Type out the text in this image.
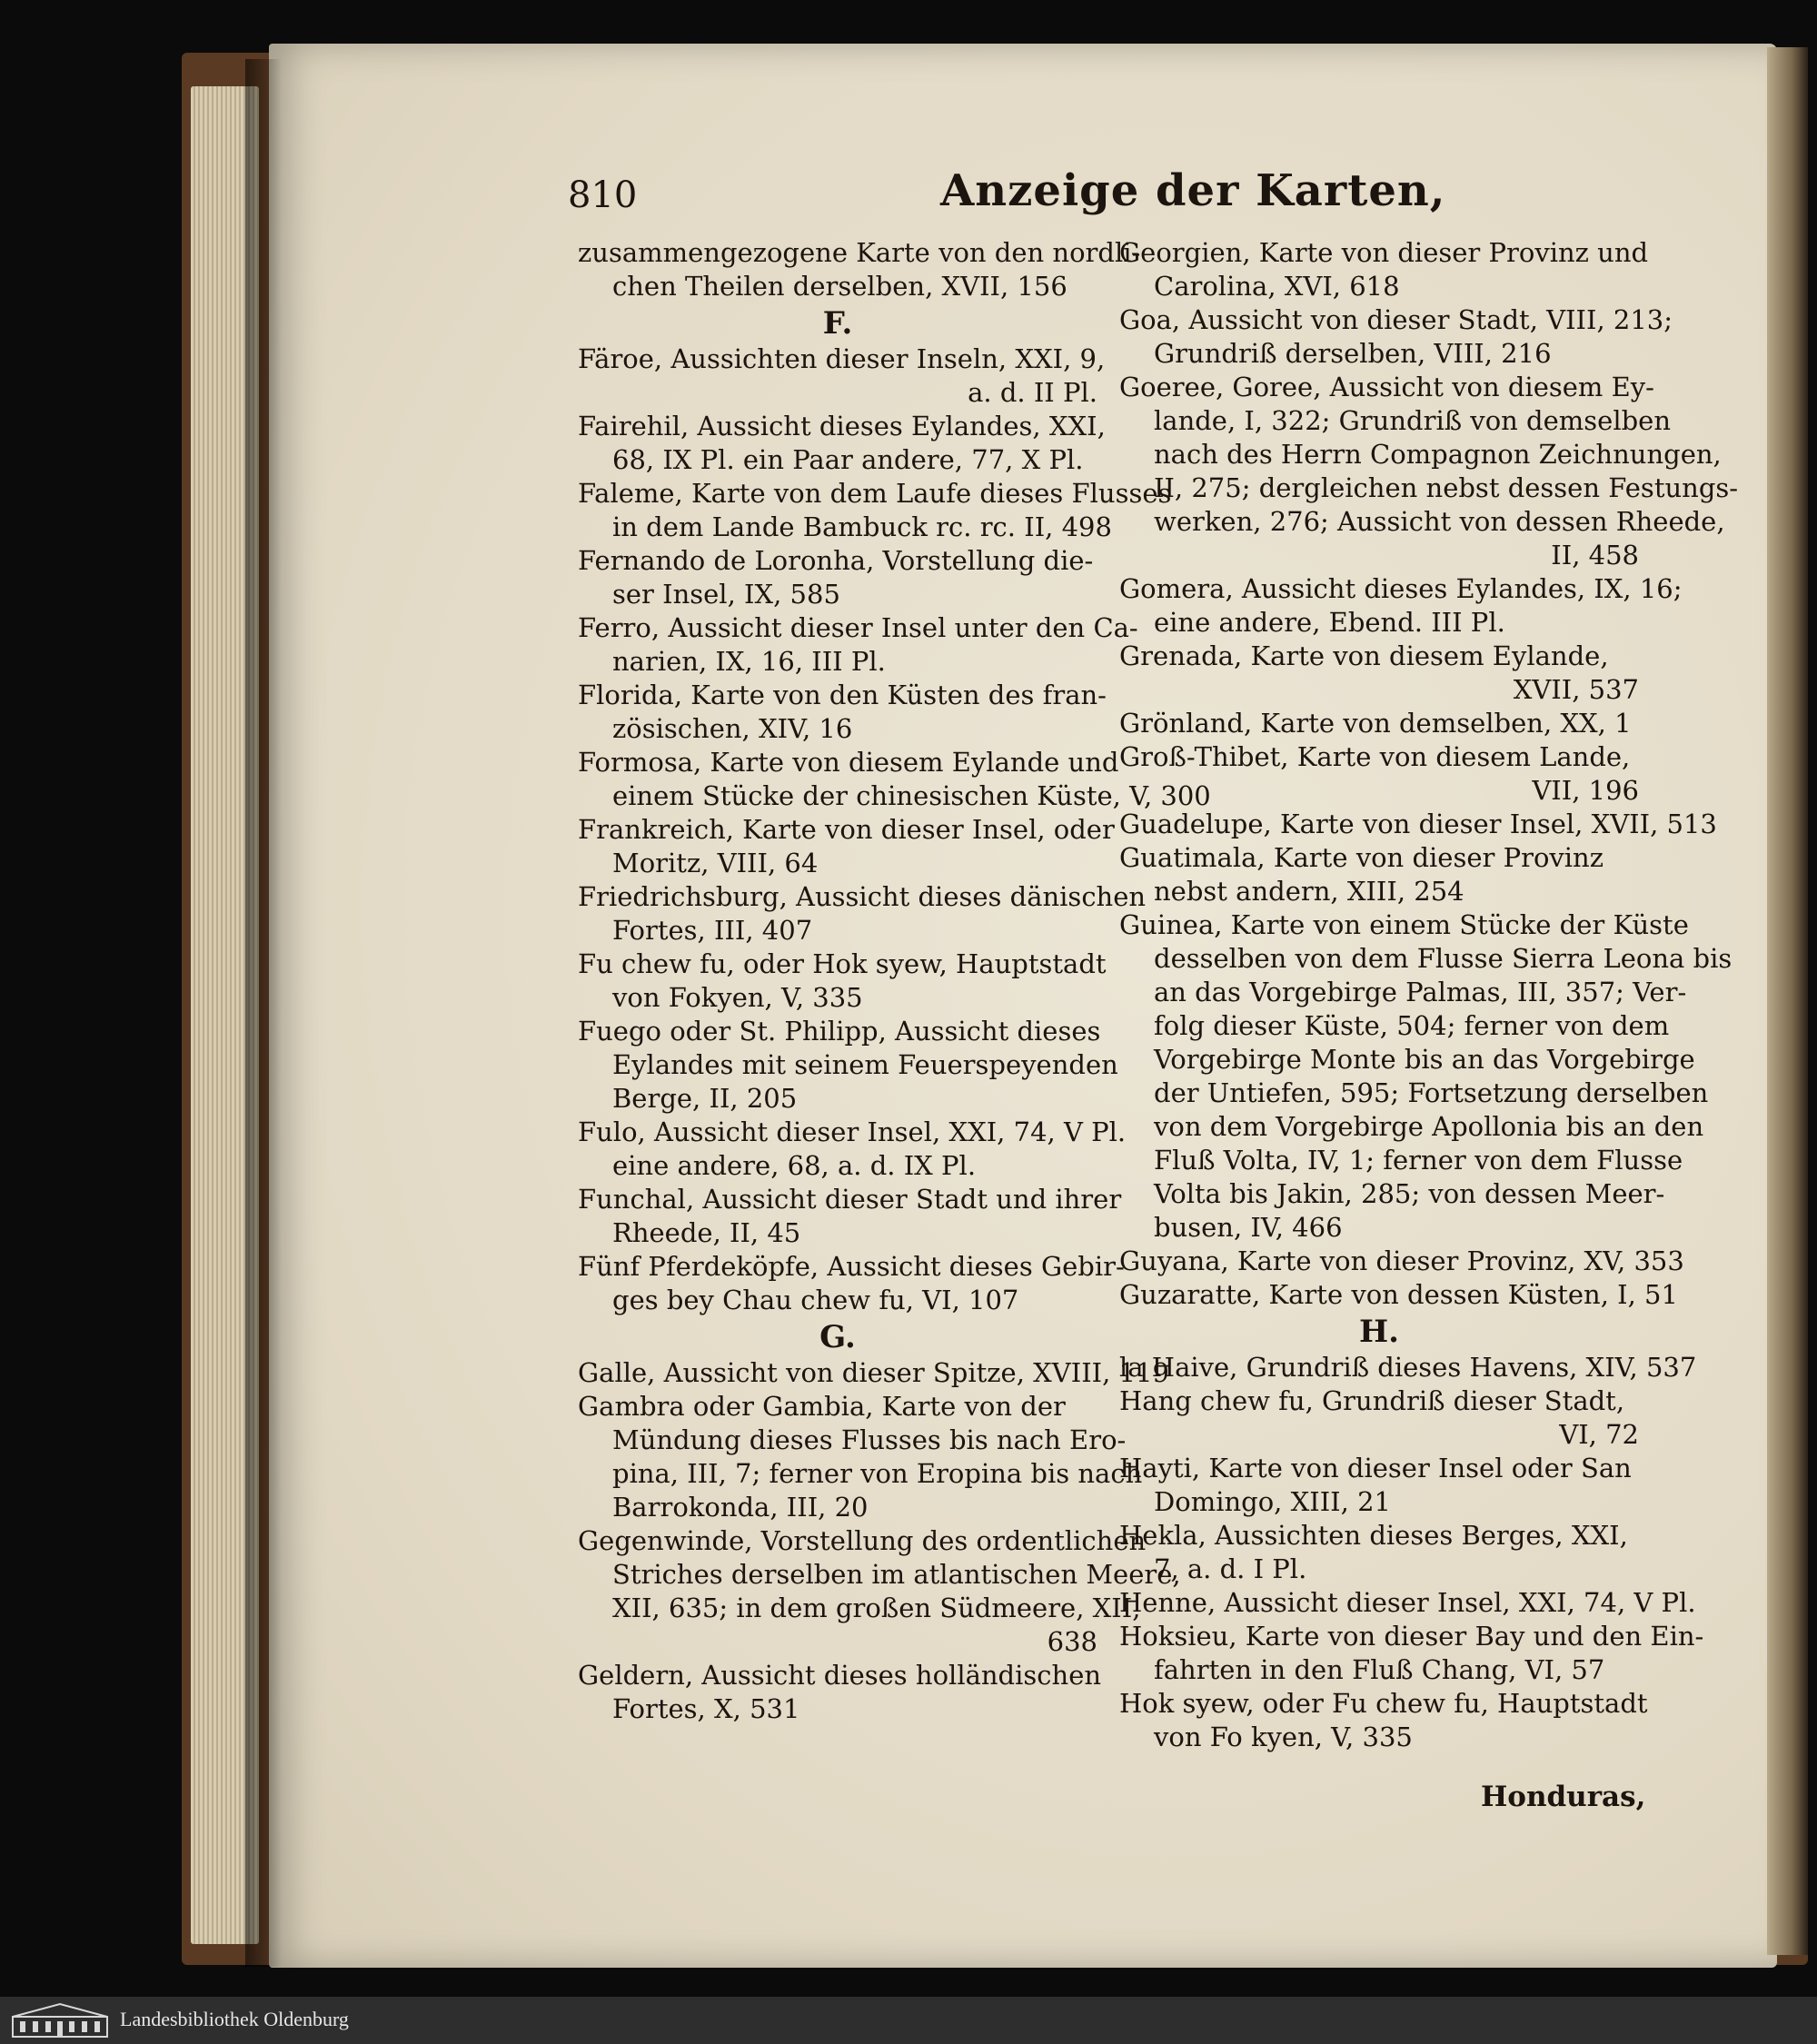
810	Anzeige der Karten,
zusammengezogene Karte von den nordli-
chen Theilen derselben, XVII, 156
F.
Färoe, Aussichten dieser Inseln, XXI, 9,
a. d. II Pl.
Fairehil, Aussicht dieses Eylandes, XXI,
68, IX Pl. ein Paar andere, 77, X Pl.
Faleme, Karte von dem Laufe dieses Flusses
in dem Lande Bambuck rc. rc. II, 498
Fernando de Loronha, Vorstellung die-
ser Insel, IX, 585
Ferro, Aussicht dieser Insel unter den Ca-
narien, IX, 16, III Pl.
Florida, Karte von den Küsten des fran-
zösischen, XIV, 16
Formosa, Karte von diesem Eylande und
einem Stücke der chinesischen Küste, V, 300
Frankreich, Karte von dieser Insel, oder
Moritz, VIII, 64
Friedrichsburg, Aussicht dieses dänischen
Fortes, III, 407
Fu chew fu, oder Hok syew, Hauptstadt
von Fokyen, V, 335
Fuego oder St. Philipp, Aussicht dieses
Eylandes mit seinem Feuerspeyenden
Berge, II, 205
Fulo, Aussicht dieser Insel, XXI, 74, V Pl.
eine andere, 68, a. d. IX Pl.
Funchal, Aussicht dieser Stadt und ihrer
Rheede, II, 45
Fünf Pferdeköpfe, Aussicht dieses Gebir-
ges bey Chau chew fu, VI, 107
G.
Galle, Aussicht von dieser Spitze, XVIII, 119
Gambra oder Gambia, Karte von der
Mündung dieses Flusses bis nach Ero-
pina, III, 7; ferner von Eropina bis nach
Barrokonda, III, 20
Gegenwinde, Vorstellung des ordentlichen
Striches derselben im atlantischen Meere,
XII, 635; in dem großen Südmeere, XII,
638
Geldern, Aussicht dieses holländischen
Fortes, X, 531
Georgien, Karte von dieser Provinz und
Carolina, XVI, 618
Goa, Aussicht von dieser Stadt, VIII, 213;
Grundriß derselben, VIII, 216
Goeree, Goree, Aussicht von diesem Ey-
lande, I, 322; Grundriß von demselben
nach des Herrn Compagnon Zeichnungen,
II, 275; dergleichen nebst dessen Festungs-
werken, 276; Aussicht von dessen Rheede,
II, 458
Gomera, Aussicht dieses Eylandes, IX, 16;
eine andere, Ebend. III Pl.
Grenada, Karte von diesem Eylande,
XVII, 537
Grönland, Karte von demselben, XX, 1
Groß-Thibet, Karte von diesem Lande,
VII, 196
Guadelupe, Karte von dieser Insel, XVII, 513
Guatimala, Karte von dieser Provinz
nebst andern, XIII, 254
Guinea, Karte von einem Stücke der Küste
desselben von dem Flusse Sierra Leona bis
an das Vorgebirge Palmas, III, 357; Ver-
folg dieser Küste, 504; ferner von dem
Vorgebirge Monte bis an das Vorgebirge
der Untiefen, 595; Fortsetzung derselben
von dem Vorgebirge Apollonia bis an den
Fluß Volta, IV, 1; ferner von dem Flusse
Volta bis Jakin, 285; von dessen Meer-
busen, IV, 466
Guyana, Karte von dieser Provinz, XV, 353
Guzaratte, Karte von dessen Küsten, I, 51
H.
la Haive, Grundriß dieses Havens, XIV, 537
Hang chew fu, Grundriß dieser Stadt,
VI, 72
Hayti, Karte von dieser Insel oder San
Domingo, XIII, 21
Hekla, Aussichten dieses Berges, XXI,
7, a. d. I Pl.
Henne, Aussicht dieser Insel, XXI, 74, V Pl.
Hoksieu, Karte von dieser Bay und den Ein-
fahrten in den Fluß Chang, VI, 57
Hok syew, oder Fu chew fu, Hauptstadt
von Fo kyen, V, 335
Honduras,
Landesbibliothek Oldenburg
